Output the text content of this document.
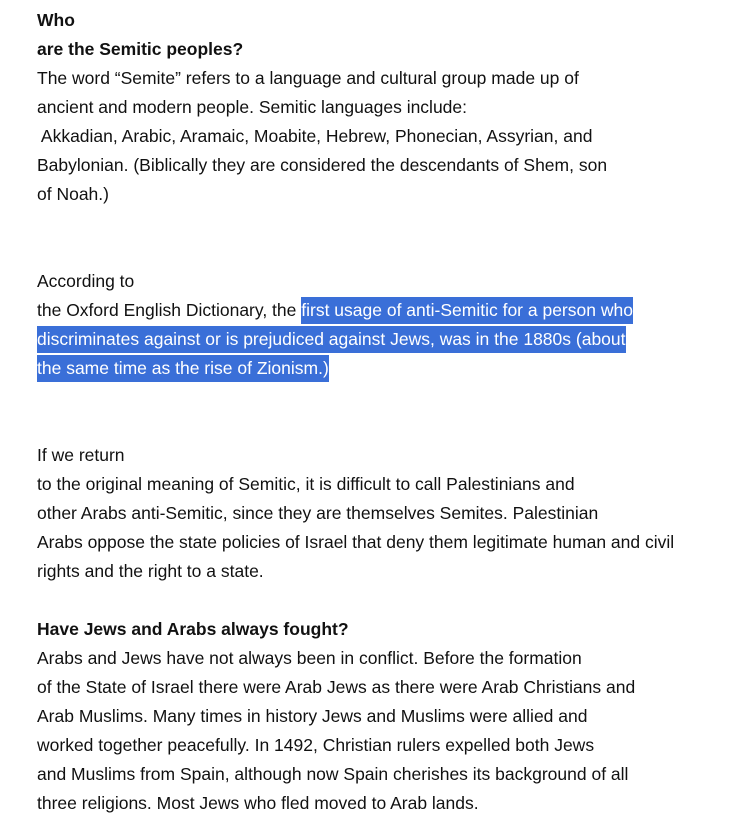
Who
are the Semitic peoples?
The word “Semite” refers to a language and cultural group made up of
ancient and modern people. Semitic languages include:
Akkadian, Arabic, Aramaic, Moabite, Hebrew, Phonecian, Assyrian, and
Babylonian. (Biblically they are considered the descendants of Shem, son
of Noah.)
According to
the Oxford English Dictionary, the first usage of anti-Semitic for a person who
discriminates against or is prejudiced against Jews, was in the 1880s (about
the same time as the rise of Zionism.)
If we return
to the original meaning of Semitic, it is difficult to call Palestinians and
other Arabs anti-Semitic, since they are themselves Semites. Palestinian
Arabs oppose the state policies of Israel that deny them legitimate human and civil
rights and the right to a state.
Have Jews and Arabs always fought?
Arabs and Jews have not always been in conflict. Before the formation
of the State of Israel there were Arab Jews as there were Arab Christians and
Arab Muslims. Many times in history Jews and Muslims were allied and
worked together peacefully. In 1492, Christian rulers expelled both Jews
and Muslims from Spain, although now Spain cherishes its background of all
three religions. Most Jews who fled moved to Arab lands.
